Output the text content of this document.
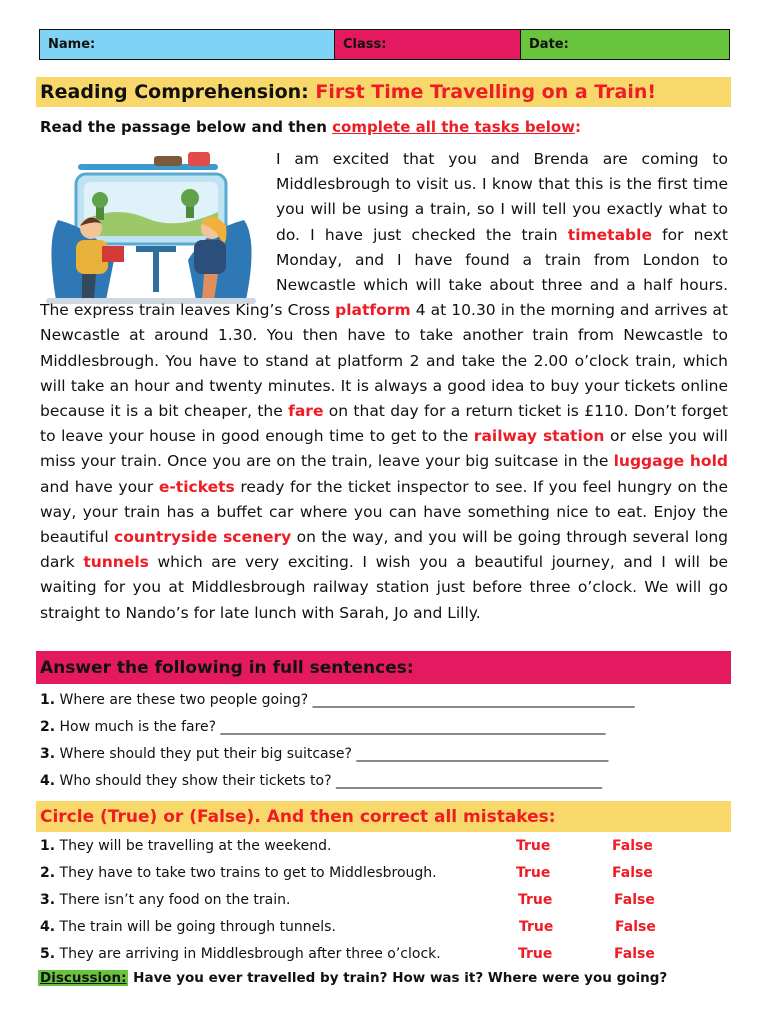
Name:	Class:	Date:
Reading Comprehension:
First Time Travelling on a Train!
Read the passage below and then complete all the tasks below:
I am excited that you and Brenda are coming to Middlesbrough to visit us. I know that this is the first time you will be using a train, so I will tell you exactly what to do. I have just checked the train timetable for next Monday, and I have found a train from London to Newcastle which will take about three and a half hours. The express train leaves King’s Cross platform 4 at 10.30 in the morning and arrives at Newcastle at around 1.30. You then have to take another train from Newcastle to Middlesbrough. You have to stand at platform 2 and take the 2.00 o’clock train, which will take an hour and twenty minutes. It is always a good idea to buy your tickets online because it is a bit cheaper, the fare on that day for a return ticket is £110. Don’t forget to leave your house in good enough time to get to the railway station or else you will miss your train. Once you are on the train, leave your big suitcase in the luggage hold and have your e-tickets ready for the ticket inspector to see. If you feel hungry on the way, your train has a buffet car where you can have something nice to eat. Enjoy the beautiful countryside scenery on the way, and you will be going through several long dark tunnels which are very exciting. I wish you a beautiful journey, and I will be waiting for you at Middlesbrough railway station just before three o’clock. We will go straight to Nando’s for late lunch with Sarah, Jo and Lilly.
Answer the following in full sentences:
1. Where are these two people going? ______________________________________________
2. How much is the fare? _______________________________________________________
3. Where should they put their big suitcase? ____________________________________
4. Who should they show their tickets to? ______________________________________
Circle (True) or (False). And then correct all mistakes:
1. They will be travelling at the weekend.	True	False
2. They have to take two trains to get to Middlesbrough.	True	False
3. There isn’t any food on the train.	True	False
4. The train will be going through tunnels.	True	False
5. They are arriving in Middlesbrough after three o’clock.	True	False
Discussion: Have you ever travelled by train? How was it? Where were you going?
